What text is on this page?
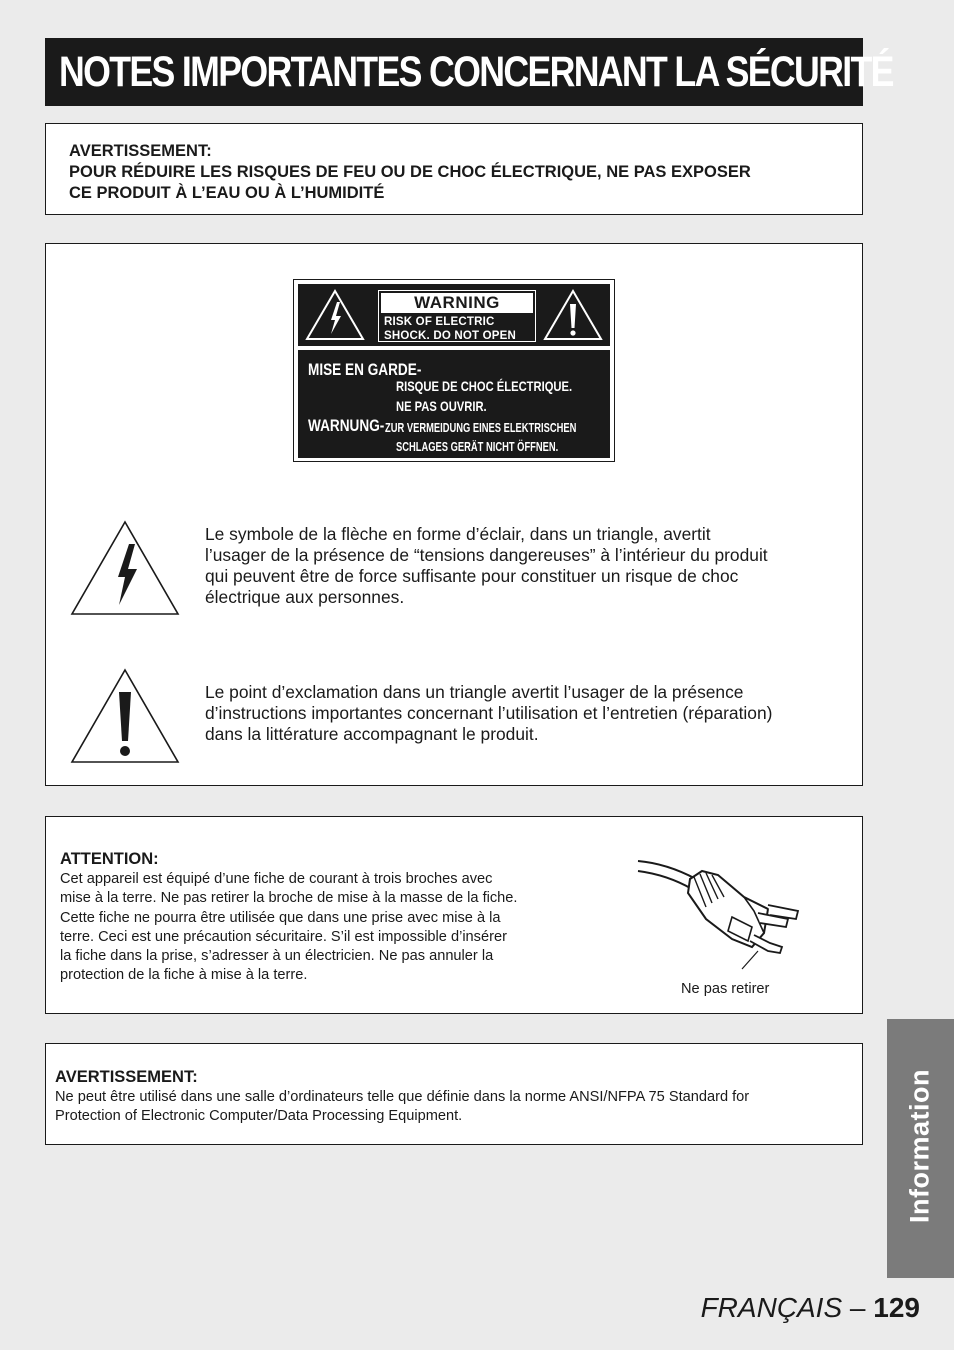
NOTES IMPORTANTES CONCERNANT LA SÉCURITÉ
AVERTISSEMENT:
POUR RÉDUIRE LES RISQUES DE FEU OU DE CHOC ÉLECTRIQUE, NE PAS EXPOSER
CE PRODUIT À L’EAU OU À L’HUMIDITÉ
WARNING
RISK OF ELECTRIC
SHOCK. DO NOT OPEN
MISE EN GARDE-
RISQUE DE CHOC ÉLECTRIQUE.
NE PAS OUVRIR.
WARNUNG- ZUR VERMEIDUNG EINES ELEKTRISCHEN
SCHLAGES GERÄT NICHT ÖFFNEN.
Le symbole de la flèche en forme d’éclair, dans un triangle, avertit
l’usager de la présence de “tensions dangereuses” à l’intérieur du produit
qui peuvent être de force suffisante pour constituer un risque de choc
électrique aux personnes.
Le point d’exclamation dans un triangle avertit l’usager de la présence
d’instructions importantes concernant l’utilisation et l’entretien (réparation)
dans la littérature accompagnant le produit.
ATTENTION:
Cet appareil est équipé d’une fiche de courant à trois broches avec
mise à la terre. Ne pas retirer la broche de mise à la masse de la fiche.
Cette fiche ne pourra être utilisée que dans une prise avec mise à la
terre. Ceci est une précaution sécuritaire. S’il est impossible d’insérer
la fiche dans la prise, s’adresser à un électricien. Ne pas annuler la
protection de la fiche à mise à la terre.
Ne pas retirer
AVERTISSEMENT:
Ne peut être utilisé dans une salle d’ordinateurs telle que définie dans la norme ANSI/NFPA 75 Standard for
Protection of Electronic Computer/Data Processing Equipment.	Information
FRANÇAIS – 129
